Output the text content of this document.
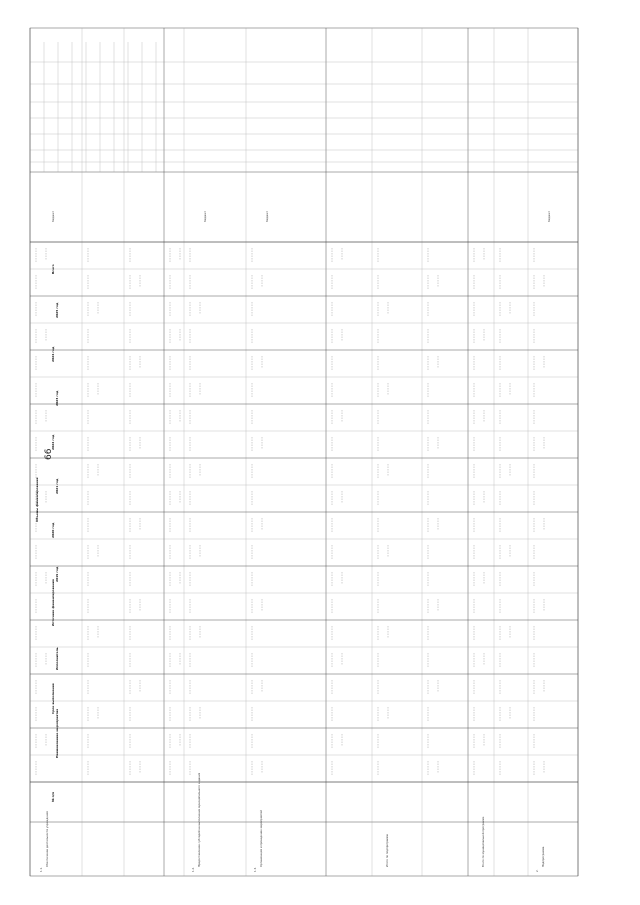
66
1.1.
Обеспечение деятельности учреждения
бюджет
1.2.
Предоставление субсидий на выполнение муниципального задания
бюджет
1.3.
Организация и проведение мероприятий
бюджет
Итого по подпрограмме	Всего по муниципальной программе
2.
Подпрограмма
бюджет
№ п/п
Наименование мероприятия
Срок выполнения
Исполнитель
Источник финансирования
2019 год
2020 год
2021 год
2022 год
2023 год
2024 год
2025 год
Всего
Объемы финансирования
